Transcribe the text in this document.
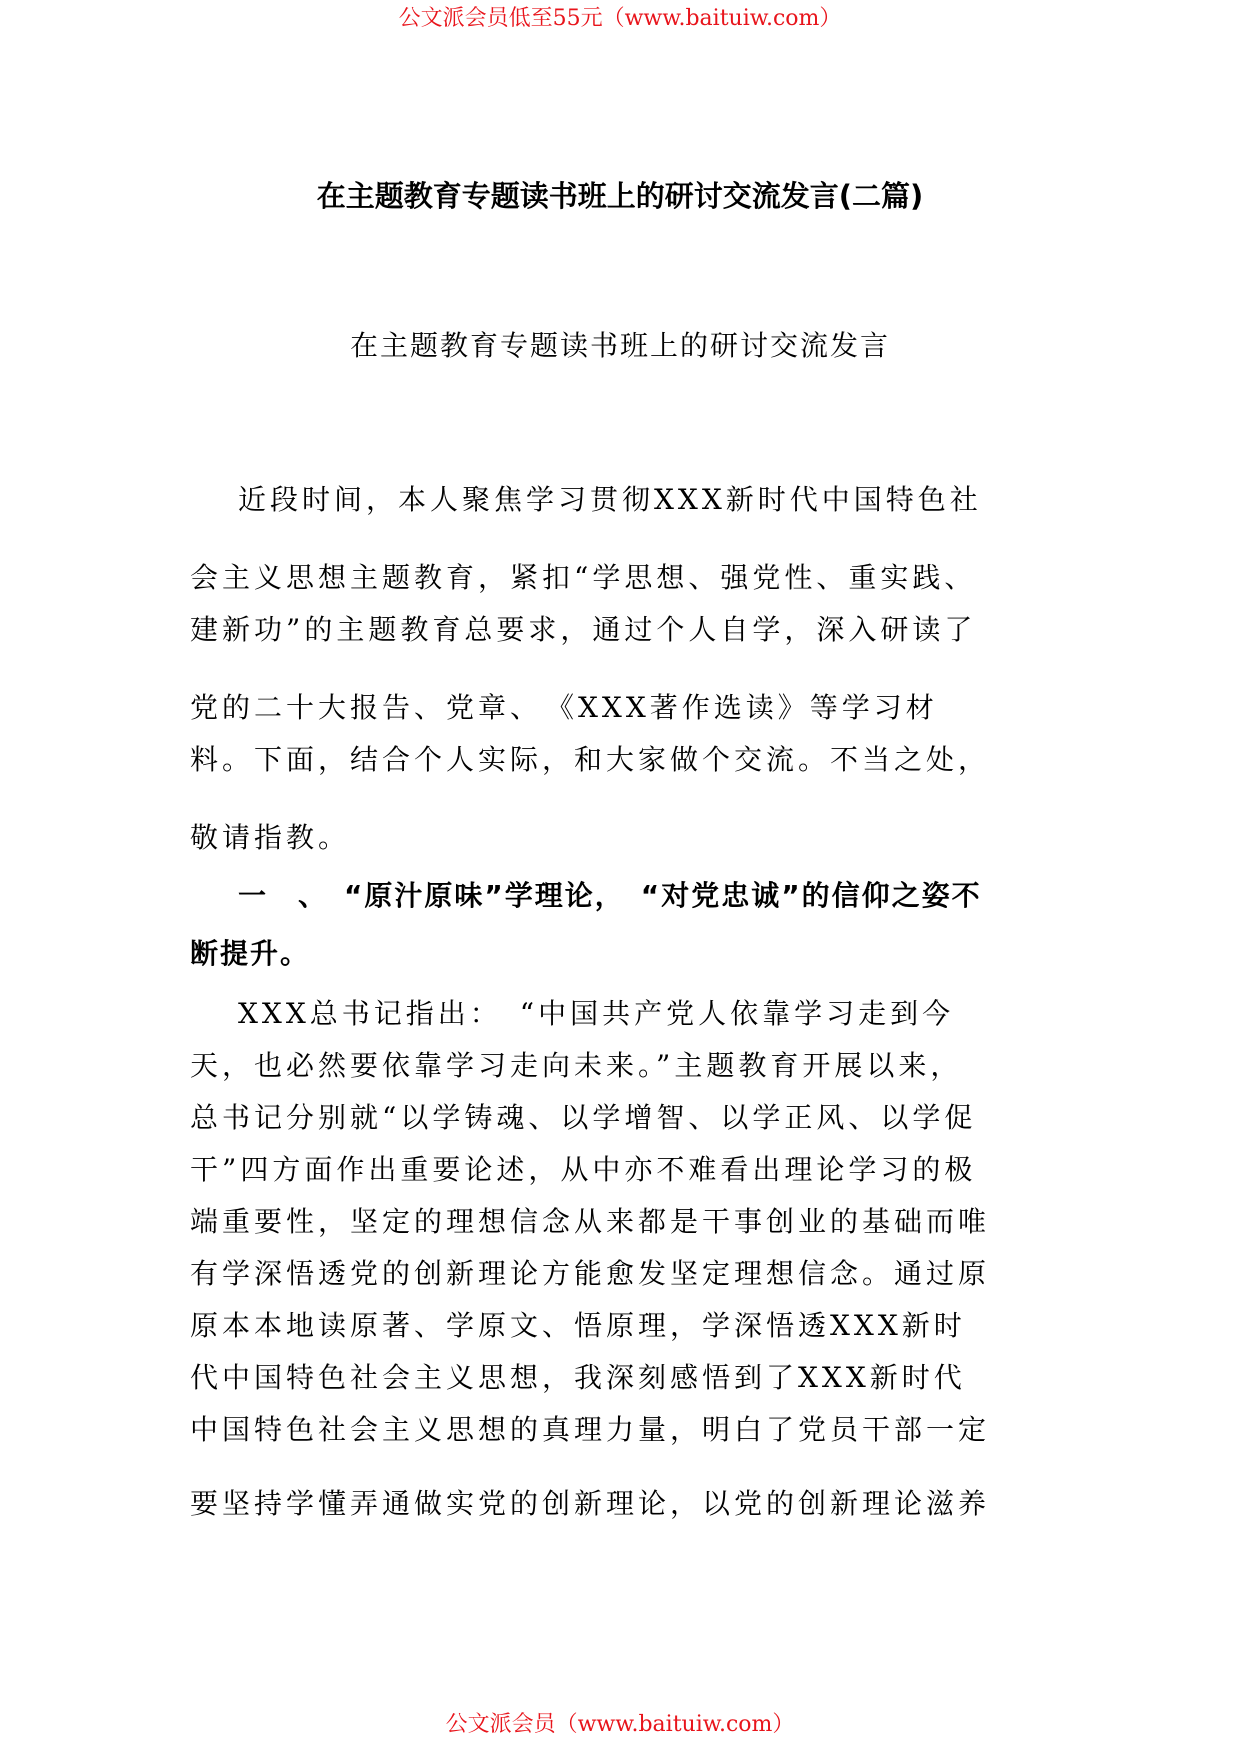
公文派会员低至55元（www.baituiw.com）
在主题教育专题读书班上的研讨交流发言(二篇)
在主题教育专题读书班上的研讨交流发言
近段时间，本人聚焦学习贯彻XXX新时代中国特色社
会主义思想主题教育，紧扣“学思想、强党性、重实践、
建新功”的主题教育总要求，通过个人自学，深入研读了
党的二十大报告、党章、　《XXX著作选读》等学习材
料。下面，结合个人实际，和大家做个交流。不当之处，
敬请指教。
一　、　“原汁原味”学理论，　“对党忠诚”的信仰之姿不
断提升。
XXX总书记指出：　“中国共产党人依靠学习走到今
天，也必然要依靠学习走向未来。”主题教育开展以来，
总书记分别就“以学铸魂、以学增智、以学正风、以学促
干”四方面作出重要论述，从中亦不难看出理论学习的极
端重要性，坚定的理想信念从来都是干事创业的基础而唯
有学深悟透党的创新理论方能愈发坚定理想信念。通过原
原本本地读原著、学原文、悟原理，学深悟透XXX新时
代中国特色社会主义思想，我深刻感悟到了XXX新时代
中国特色社会主义思想的真理力量，明白了党员干部一定
要坚持学懂弄通做实党的创新理论，以党的创新理论滋养
公文派会员（www.baituiw.com）
